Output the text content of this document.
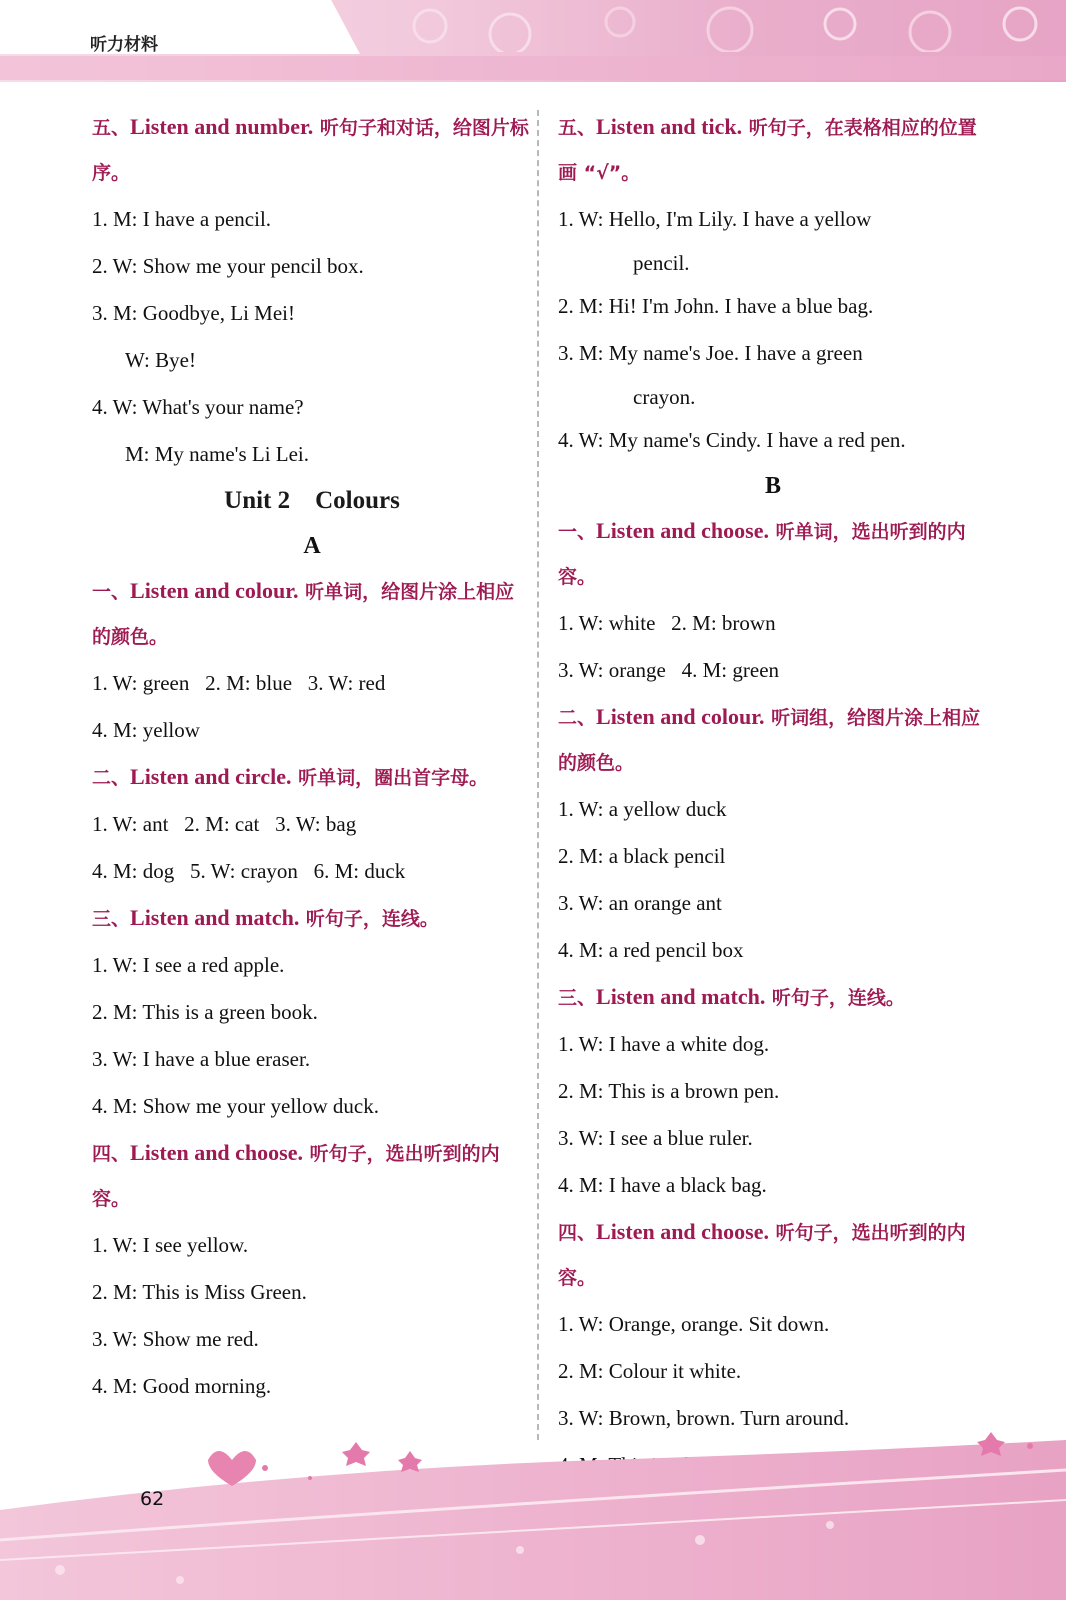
听力材料
五、Listen and number. 听句子和对话，给图片标序。
1. M: I have a pencil.
2. W: Show me your pencil box.
3. M: Goodbye, Li Mei!
W: Bye!
4. W: What's your name?
M: My name's Li Lei.
Unit 2    Colours
A
一、Listen and colour. 听单词，给图片涂上相应的颜色。
1. W: green   2. M: blue   3. W: red
4. M: yellow
二、Listen and circle. 听单词，圈出首字母。
1. W: ant   2. M: cat   3. W: bag
4. M: dog   5. W: crayon   6. M: duck
三、Listen and match. 听句子，连线。
1. W: I see a red apple.
2. M: This is a green book.
3. W: I have a blue eraser.
4. M: Show me your yellow duck.
四、Listen and choose. 听句子，选出听到的内容。
1. W: I see yellow.
2. M: This is Miss Green.
3. W: Show me red.
4. M: Good morning.
五、Listen and tick. 听句子，在表格相应的位置画 “√”。
1. W: Hello, I'm Lily. I have a yellow
pencil.
2. M: Hi! I'm John. I have a blue bag.
3. M: My name's Joe. I have a green
crayon.
4. W: My name's Cindy. I have a red pen.
B
一、Listen and choose. 听单词，选出听到的内容。
1. W: white   2. M: brown
3. W: orange   4. M: green
二、Listen and colour. 听词组，给图片涂上相应的颜色。
1. W: a yellow duck
2. M: a black pencil
3. W: an orange ant
4. M: a red pencil box
三、Listen and match. 听句子，连线。
1. W: I have a white dog.
2. M: This is a brown pen.
3. W: I see a blue ruler.
4. M: I have a black bag.
四、Listen and choose. 听句子，选出听到的内容。
1. W: Orange, orange. Sit down.
2. M: Colour it white.
3. W: Brown, brown. Turn around.
62
